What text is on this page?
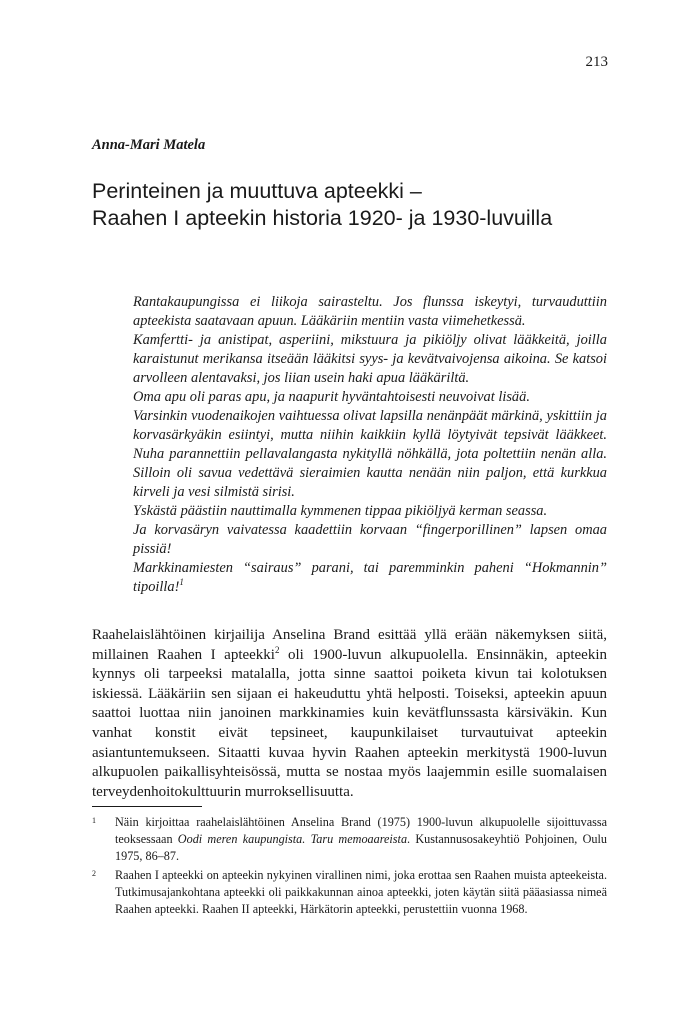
213
Anna-Mari Matela
Perinteinen ja muuttuva apteekki –
Raahen I apteekin historia 1920- ja 1930-luvuilla

Rantakaupungissa ei liikoja sairasteltu. Jos flunssa iskeytyi, turvauduttiin apteekista saatavaan apuun. Lääkäriin mentiin vasta viimehetkessä.

Kamfertti- ja anistipat, asperiini, mikstuura ja pikiöljy olivat lääkkeitä, joilla karaistunut merikansa itseään lääkitsi syys- ja kevätvaivojensa aikoina. Se katsoi arvolleen alentavaksi, jos liian usein haki apua lääkäriltä.

Oma apu oli paras apu, ja naapurit hyväntahtoisesti neuvoivat lisää.

Varsinkin vuodenaikojen vaihtuessa olivat lapsilla nenänpäät märkinä, yskittiin ja korvasärkyäkin esiintyi, mutta niihin kaikkiin kyllä löytyivät tepsivät lääkkeet. Nuha parannettiin pellavalangasta nykityllä nöhkällä, jota poltettiin nenän alla. Silloin oli savua vedettävä sieraimien kautta nenään niin paljon, että kurkkua kirveli ja vesi silmistä sirisi.

Yskästä päästiin nauttimalla kymmenen tippaa pikiöljyä kerman seassa.

Ja korvasäryn vaivatessa kaadettiin korvaan “fingerporillinen” lapsen omaa pissiä!

Markkinamiesten “sairaus” parani, tai paremminkin paheni “Hokmannin” tipoilla!$^1$

Raahelaislähtöinen kirjailija Anselina Brand esittää yllä erään näkemyksen siitä, millainen Raahen I apteekki$^2$ oli 1900-luvun alkupuolella. Ensinnäkin, apteekin kynnys oli tarpeeksi matalalla, jotta sinne saattoi poiketa kivun tai kolotuksen iskiessä. Lääkäriin sen sijaan ei hakeuduttu yhtä helposti. Toiseksi, apteekin apuun saattoi luottaa niin janoinen markkinamies kuin kevätflunssasta kärsiväkin. Kun vanhat konstit eivät tepsineet, kaupunkilaiset turvautuivat apteekin asiantuntemukseen. Sitaatti kuvaa hyvin Raahen apteekin merkitystä 1900-luvun alkupuolen paikallisyhteisössä, mutta se nostaa myös laajemmin esille suomalaisen terveydenhoitokulttuurin murroksellisuutta.

1 Näin kirjoittaa raahelaislähtöinen Anselina Brand (1975) 1900-luvun alkupuolelle sijoittuvassa teoksessaan Oodi meren kaupungista. Taru memoaareista. Kustannusosakeyhtiö Pohjoinen, Oulu 1975, 86–87.
2 Raahen I apteekki on apteekin nykyinen virallinen nimi, joka erottaa sen Raahen muista apteekeista. Tutkimusajankohtana apteekki oli paikkakunnan ainoa apteekki, joten käytän siitä pääasiassa nimeä Raahen apteekki. Raahen II apteekki, Härkätorin apteekki, perustettiin vuonna 1968.
